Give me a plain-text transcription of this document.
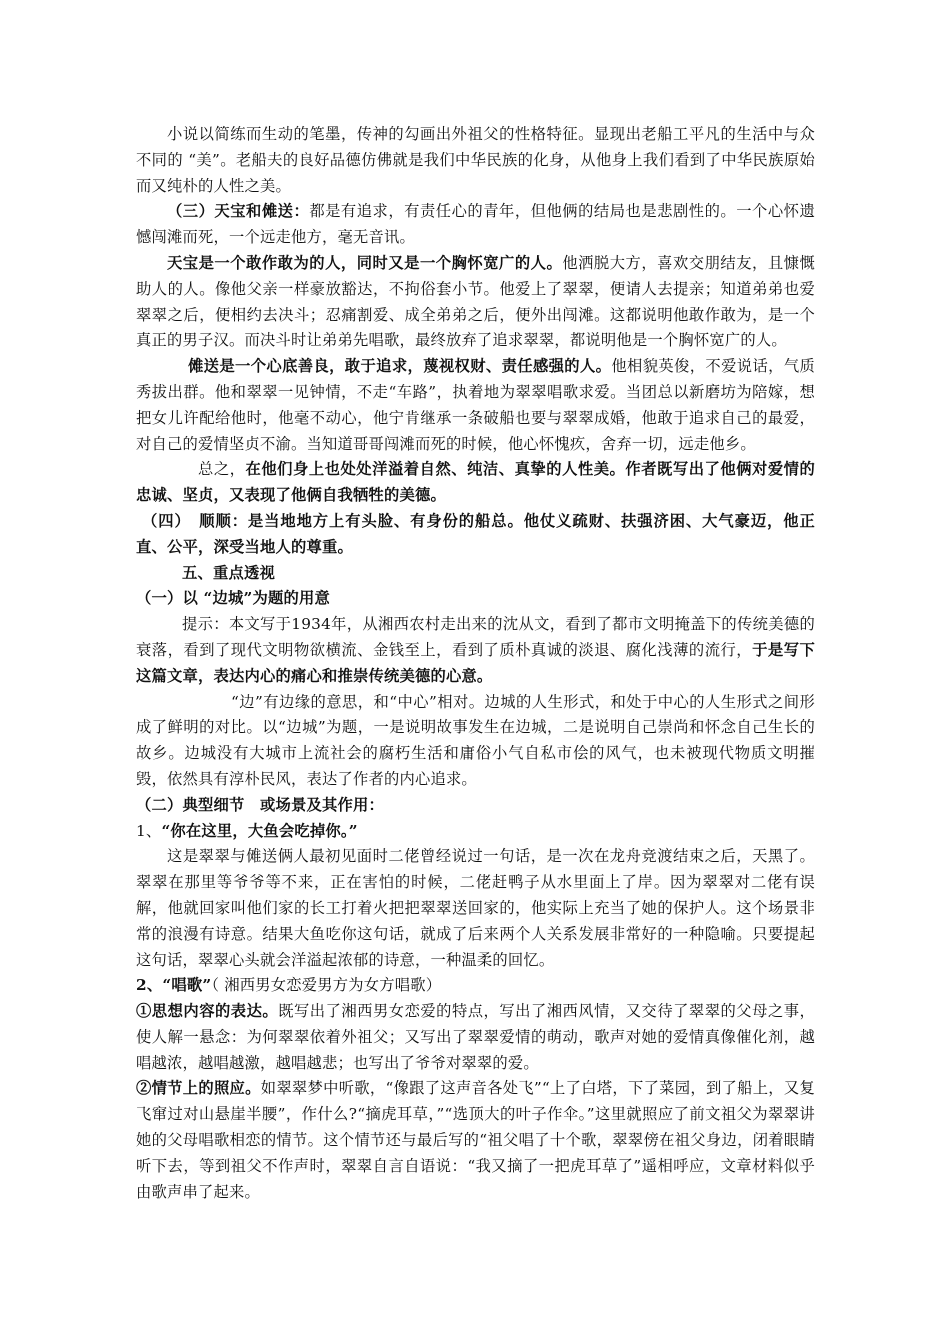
小说以简练而生动的笔墨，传神的勾画出外祖父的性格特征。显现出老船工平凡的生活中与众不同的 “美”。老船夫的良好品德仿佛就是我们中华民族的化身，从他身上我们看到了中华民族原始而又纯朴的人性之美。

（三）天宝和傩送：都是有追求，有责任心的青年，但他俩的结局也是悲剧性的。一个心怀遗憾闯滩而死，一个远走他方，毫无音讯。

天宝是一个敢作敢为的人，同时又是一个胸怀宽广的人。他洒脱大方，喜欢交朋结友，且慷慨助人的人。像他父亲一样豪放豁达，不拘俗套小节。他爱上了翠翠，便请人去提亲；知道弟弟也爱翠翠之后，便相约去决斗；忍痛割爱、成全弟弟之后，便外出闯滩。这都说明他敢作敢为，是一个真正的男子汉。而决斗时让弟弟先唱歌，最终放弃了追求翠翠，都说明他是一个胸怀宽广的人。

傩送是一个心底善良，敢于追求，蔑视权财、责任感强的人。他相貌英俊，不爱说话，气质秀拔出群。他和翠翠一见钟情，不走“车路”，执着地为翠翠唱歌求爱。当团总以新磨坊为陪嫁，想把女儿许配给他时，他毫不动心，他宁肯继承一条破船也要与翠翠成婚，他敢于追求自己的最爱，对自己的爱情坚贞不渝。当知道哥哥闯滩而死的时候，他心怀愧疚，舍弃一切，远走他乡。

总之，在他们身上也处处洋溢着自然、纯洁、真挚的人性美。作者既写出了他俩对爱情的忠诚、坚贞，又表现了他俩自我牺牲的美德。

（四）　顺顺：是当地地方上有头脸、有身份的船总。他仗义疏财、扶强济困、大气豪迈，他正直、公平，深受当地人的尊重。

五、重点透视

（一）以 “边城”为题的用意

提示：本文写于1934年，从湘西农村走出来的沈从文，看到了都市文明掩盖下的传统美德的衰落，看到了现代文明物欲横流、金钱至上，看到了质朴真诚的淡退、腐化浅薄的流行，于是写下这篇文章，表达内心的痛心和推崇传统美德的心意。

“边”有边缘的意思，和“中心”相对。边城的人生形式，和处于中心的人生形式之间形成了鲜明的对比。以“边城”为题，一是说明故事发生在边城，二是说明自己崇尚和怀念自己生长的故乡。边城没有大城市上流社会的腐朽生活和庸俗小气自私市侩的风气，也未被现代物质文明摧毁，依然具有淳朴民风，表达了作者的内心追求。

（二）典型细节　或场景及其作用：

1、“你在这里，大鱼会吃掉你。”

这是翠翠与傩送俩人最初见面时二佬曾经说过一句话，是一次在龙舟竞渡结束之后，天黑了。翠翠在那里等爷爷等不来，正在害怕的时候，二佬赶鸭子从水里面上了岸。因为翠翠对二佬有误解，他就回家叫他们家的长工打着火把把翠翠送回家的，他实际上充当了她的保护人。这个场景非常的浪漫有诗意。结果大鱼吃你这句话，就成了后来两个人关系发展非常好的一种隐喻。只要提起这句话，翠翠心头就会洋溢起浓郁的诗意，一种温柔的回忆。

2、“唱歌”（ 湘西男女恋爱男方为女方唱歌）

①思想内容的表达。既写出了湘西男女恋爱的特点，写出了湘西风情，又交待了翠翠的父母之事，使人解一悬念：为何翠翠依着外祖父；又写出了翠翠爱情的萌动，歌声对她的爱情真像催化剂，越唱越浓，越唱越激，越唱越悲；也写出了爷爷对翠翠的爱。

②情节上的照应。如翠翠梦中听歌，“像跟了这声音各处飞”“上了白塔，下了菜园，到了船上，又复飞窜过对山悬崖半腰”，作什么?“摘虎耳草，”“选顶大的叶子作伞。”这里就照应了前文祖父为翠翠讲她的父母唱歌相恋的情节。这个情节还与最后写的“祖父唱了十个歌，翠翠傍在祖父身边，闭着眼睛听下去，等到祖父不作声时，翠翠自言自语说：“我又摘了一把虎耳草了”遥相呼应，文章材料似乎由歌声串了起来。
